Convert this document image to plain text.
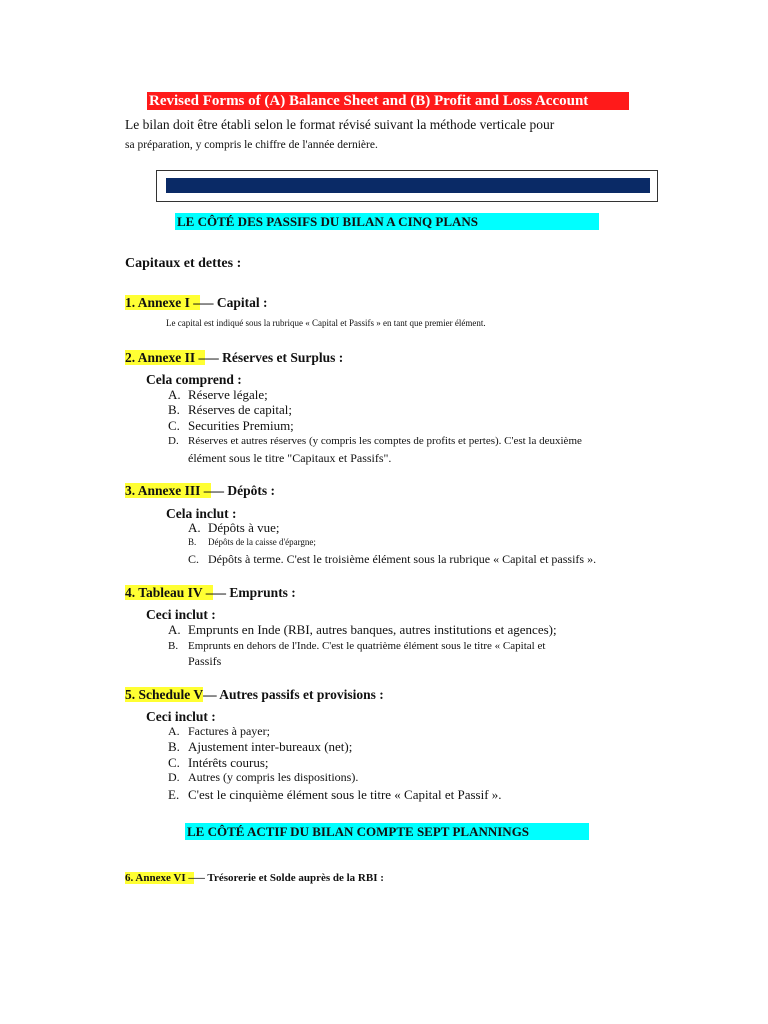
Revised Forms of (A) Balance Sheet and (B) Profit and Loss Account
Le bilan doit être établi selon le format révisé suivant la méthode verticale pour
sa préparation, y compris le chiffre de l'année dernière.
LE CÔTÉ DES PASSIFS DU BILAN A CINQ PLANS
Capitaux et dettes :
1. Annexe I –— Capital :
Le capital est indiqué sous la rubrique « Capital et Passifs » en tant que premier élément.
2. Annexe II –— Réserves et Surplus :
Cela comprend :
A. Réserve légale;
B. Réserves de capital;
C. Securities Premium;
D. Réserves et autres réserves (y compris les comptes de profits et pertes). C'est la deuxième
élément sous le titre "Capitaux et Passifs".
3. Annexe III –— Dépôts :
Cela inclut :
A. Dépôts à vue;
B. Dépôts de la caisse d'épargne;
C. Dépôts à terme. C'est le troisième élément sous la rubrique « Capital et passifs ».
4. Tableau IV –— Emprunts :
Ceci inclut :
A. Emprunts en Inde (RBI, autres banques, autres institutions et agences);
B. Emprunts en dehors de l'Inde. C'est le quatrième élément sous le titre « Capital et
Passifs
5. Schedule V— Autres passifs et provisions :
Ceci inclut :
A. Factures à payer;
B. Ajustement inter-bureaux (net);
C. Intérêts courus;
D. Autres (y compris les dispositions).
E. C'est le cinquième élément sous le titre « Capital et Passif ».
LE CÔTÉ ACTIF DU BILAN COMPTE SEPT PLANNINGS
6. Annexe VI –— Trésorerie et Solde auprès de la RBI :
